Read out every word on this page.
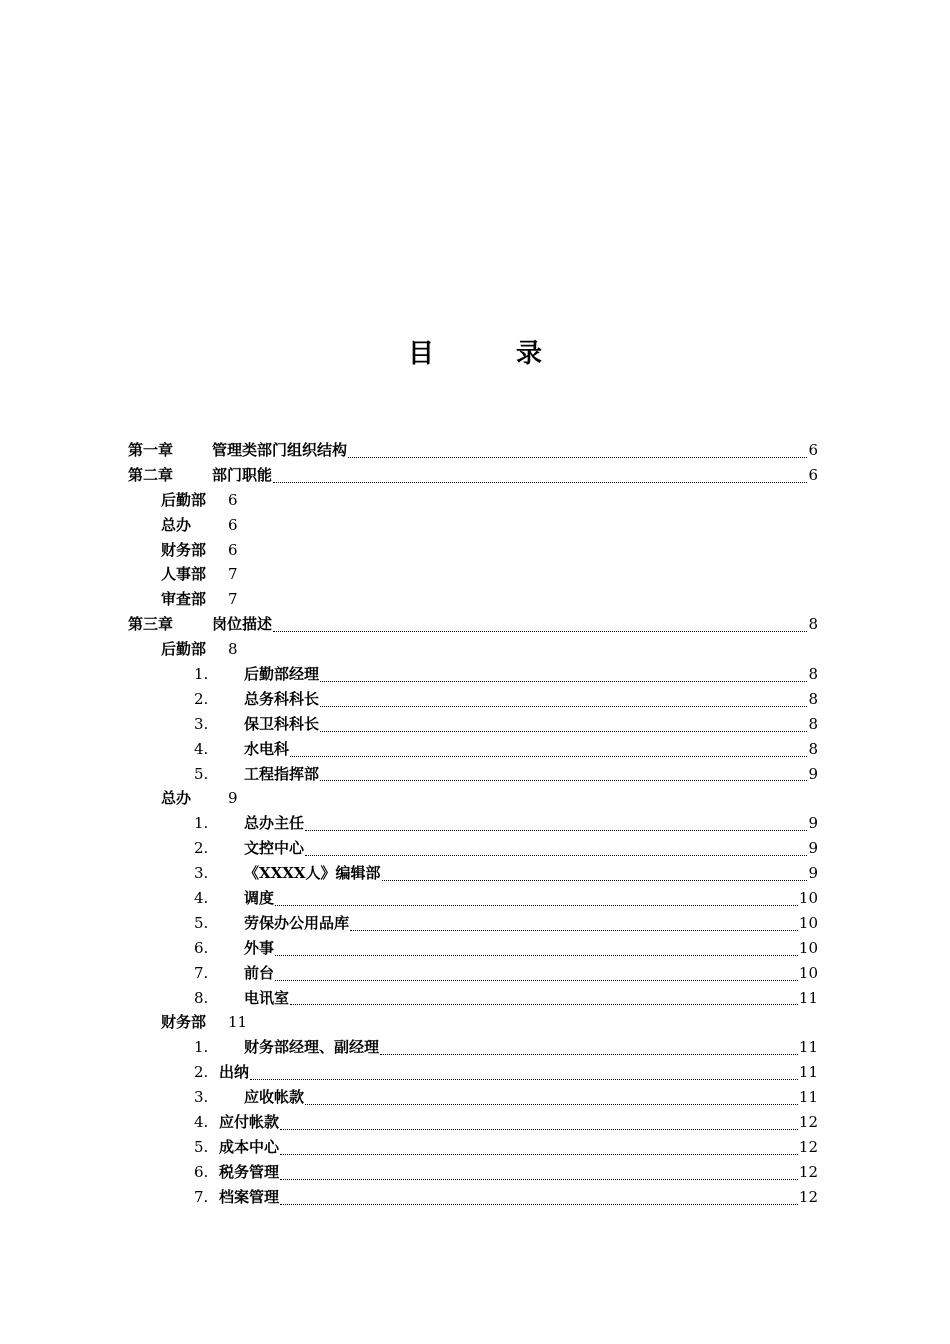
目　录
第一章	管理类部门组织结构	6
第二章	部门职能	6
后勤部 6
总办 6
财务部 6
人事部 7
审查部 7
第三章	岗位描述	8
后勤部 8
1.	后勤部经理	8
2.	总务科科长	8
3.	保卫科科长	8
4.	水电科	8
5.	工程指挥部	9
总办 9
1.	总办主任	9
2.	文控中心	9
3.	《XXXX人》编辑部	9
4.	调度	10
5.	劳保办公用品库	10
6.	外事	10
7.	前台	10
8.	电讯室	11
财务部 11
1.	财务部经理、副经理	11
2. 出纳	11
3.	应收帐款	11
4. 应付帐款	12
5. 成本中心	12
6. 税务管理	12
7. 档案管理	12
